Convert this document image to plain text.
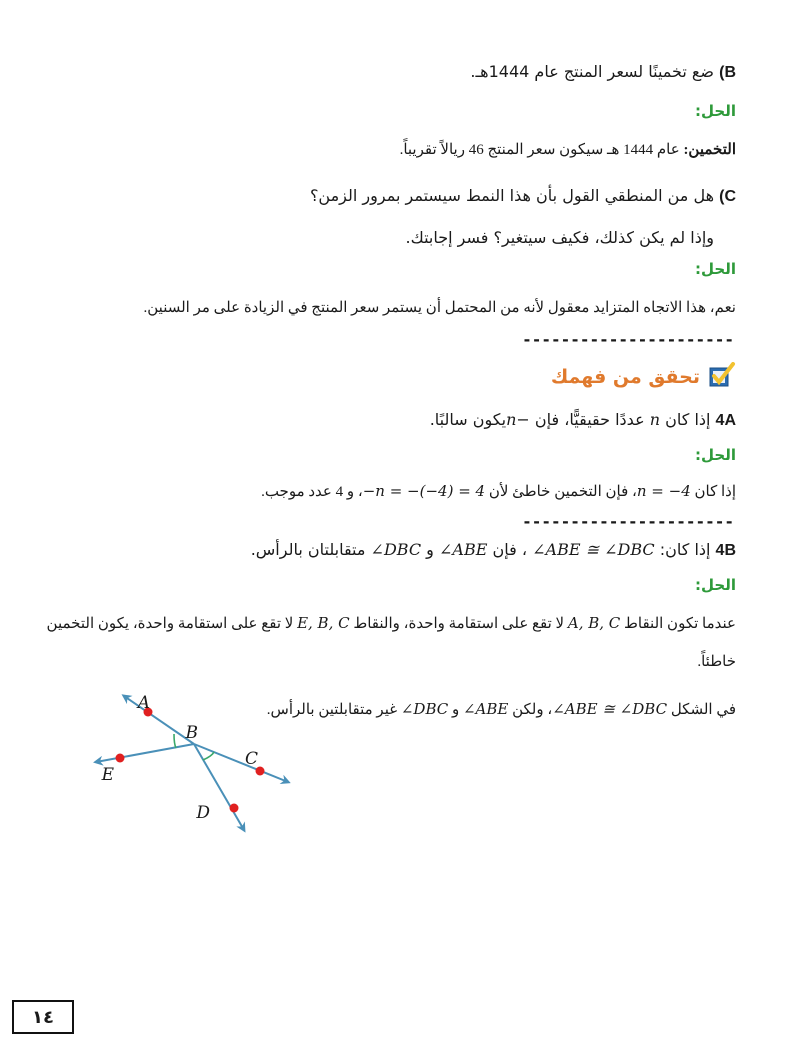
B) ضع تخمينًا لسعر المنتج عام 1444هـ.
الحل:
التخمين: عام 1444 هـ سيكون سعر المنتج 46 ريالاً تقريباً.
C) هل من المنطقي القول بأن هذا النمط سيستمر بمرور الزمن؟
وإذا لم يكن كذلك، فكيف سيتغير؟ فسر إجابتك.
الحل:
نعم، هذا الاتجاه المتزايد معقول لأنه من المحتمل أن يستمر سعر المنتج في الزيادة على مر السنين.
----------------------
تحقق من فهمك
4A إذا كان n عددًا حقيقيًّا، فإن n−يكون سالبًا.
الحل:
إذا كان n = −4، فإن التخمين خاطئ لأن −n = −(−4) = 4، و 4 عدد موجب.
----------------------
4B إذا كان: ∠ABE ≅ ∠DBC ، فإن ∠ABE و ∠DBC متقابلتان بالرأس.
الحل:
عندما تكون النقاط A, B, C لا تقع على استقامة واحدة، والنقاط E, B, C لا تقع على استقامة واحدة، يكون التخمين
خاطئاً.
في الشكل ∠ABE ≅ ∠DBC، ولكن ∠ABE و ∠DBC غير متقابلتين بالرأس.
A
B
C
D
E
١٤
